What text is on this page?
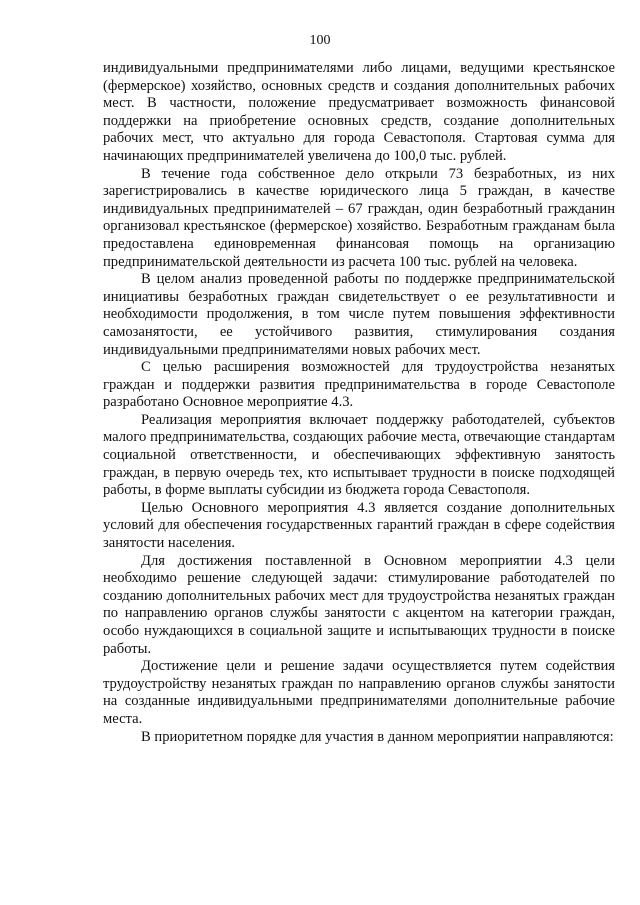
100

индивидуальными предпринимателями либо лицами, ведущими крестьянское (фермерское) хозяйство, основных средств и создания дополнительных рабочих мест. В частности, положение предусматривает возможность финансовой поддержки на приобретение основных средств, создание дополнительных рабочих мест, что актуально для города Севастополя. Стартовая сумма для начинающих предпринимателей увеличена до 100,0 тыс. рублей.

В течение года собственное дело открыли 73 безработных, из них зарегистрировались в качестве юридического лица 5 граждан, в качестве индивидуальных предпринимателей – 67 граждан, один безработный гражданин организовал крестьянское (фермерское) хозяйство. Безработным гражданам была предоставлена единовременная финансовая помощь на организацию предпринимательской деятельности из расчета 100 тыс. рублей на человека.

В целом анализ проведенной работы по поддержке предпринимательской инициативы безработных граждан свидетельствует о ее результативности и необходимости продолжения, в том числе путем повышения эффективности самозанятости, ее устойчивого развития, стимулирования создания индивидуальными предпринимателями новых рабочих мест.

С целью расширения возможностей для трудоустройства незанятых граждан и поддержки развития предпринимательства в городе Севастополе разработано Основное мероприятие 4.3.

Реализация мероприятия включает поддержку работодателей, субъектов малого предпринимательства, создающих рабочие места, отвечающие стандартам социальной ответственности, и обеспечивающих эффективную занятость граждан, в первую очередь тех, кто испытывает трудности в поиске подходящей работы, в форме выплаты субсидии из бюджета города Севастополя.

Целью Основного мероприятия 4.3 является создание дополнительных условий для обеспечения государственных гарантий граждан в сфере содействия занятости населения.

Для достижения поставленной в Основном мероприятии 4.3 цели необходимо решение следующей задачи: стимулирование работодателей по созданию дополнительных рабочих мест для трудоустройства незанятых граждан по направлению органов службы занятости с акцентом на категории граждан, особо нуждающихся в социальной защите и испытывающих трудности в поиске работы.

Достижение цели и решение задачи осуществляется путем содействия трудоустройству незанятых граждан по направлению органов службы занятости на созданные индивидуальными предпринимателями дополнительные рабочие места.

В приоритетном порядке для участия в данном мероприятии направляются:
